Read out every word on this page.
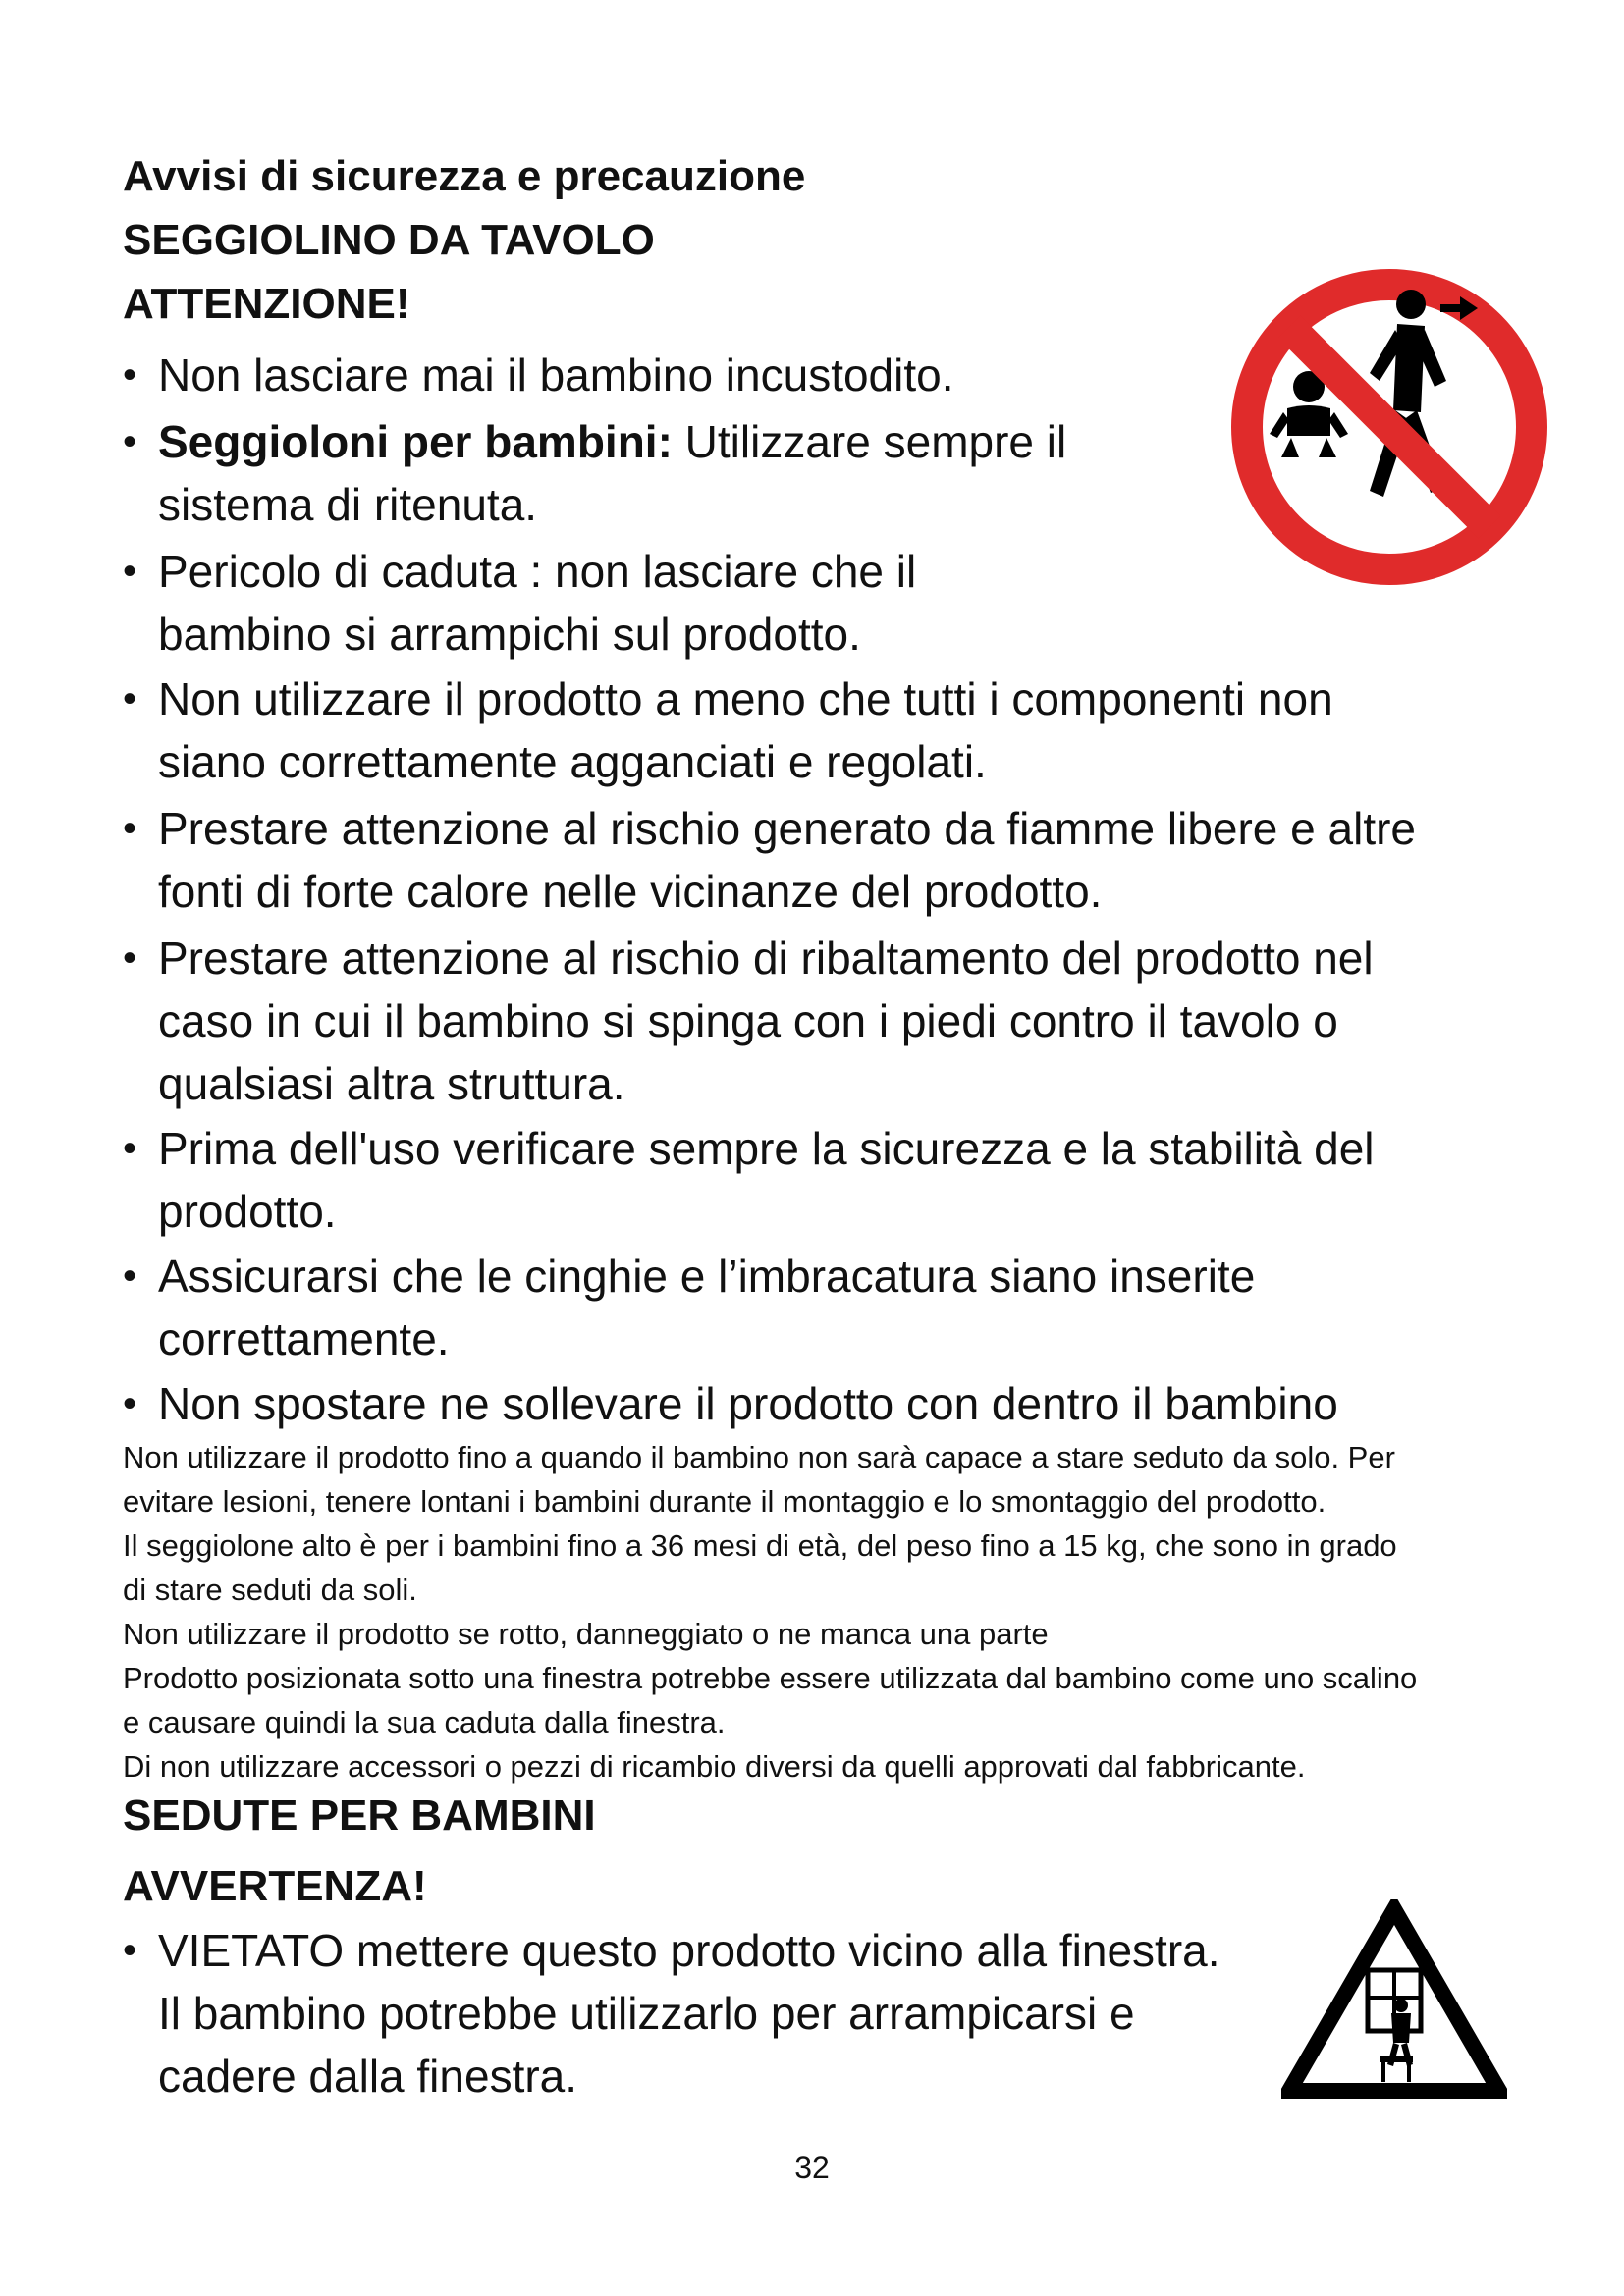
Avvisi di sicurezza e precauzione
SEGGIOLINO DA TAVOLO
ATTENZIONE!
• Non lasciare mai il bambino incustodito.
• Seggioloni per bambini: Utilizzare sempre il
sistema di ritenuta.
• Pericolo di caduta : non lasciare che il
bambino si arrampichi sul prodotto.
• Non utilizzare il prodotto a meno che tutti i componenti non
siano correttamente agganciati e regolati.
• Prestare attenzione al rischio generato da fiamme libere e altre
fonti di forte calore nelle vicinanze del prodotto.
• Prestare attenzione al rischio di ribaltamento del prodotto nel
caso in cui il bambino si spinga con i piedi contro il tavolo o
qualsiasi altra struttura.
• Prima dell'uso verificare sempre la sicurezza e la stabilità del
prodotto.
• Assicurarsi che le cinghie e l’imbracatura siano inserite
correttamente.
• Non spostare ne sollevare il prodotto con dentro il bambino
Non utilizzare il prodotto fino a quando il bambino non sarà capace a stare seduto da solo. Per
evitare lesioni, tenere lontani i bambini durante il montaggio e lo smontaggio del prodotto.
Il seggiolone alto è per i bambini fino a 36 mesi di età, del peso fino a 15 kg, che sono in grado
di stare seduti da soli.
Non utilizzare il prodotto se rotto, danneggiato o ne manca una parte
Prodotto posizionata sotto una finestra potrebbe essere utilizzata dal bambino come uno scalino
e causare quindi la sua caduta dalla finestra.
Di non utilizzare accessori o pezzi di ricambio diversi da quelli approvati dal fabbricante.
SEDUTE PER BAMBINI
AVVERTENZA!
• VIETATO mettere questo prodotto vicino alla finestra.
Il bambino potrebbe utilizzarlo per arrampicarsi e
cadere dalla finestra.
32
